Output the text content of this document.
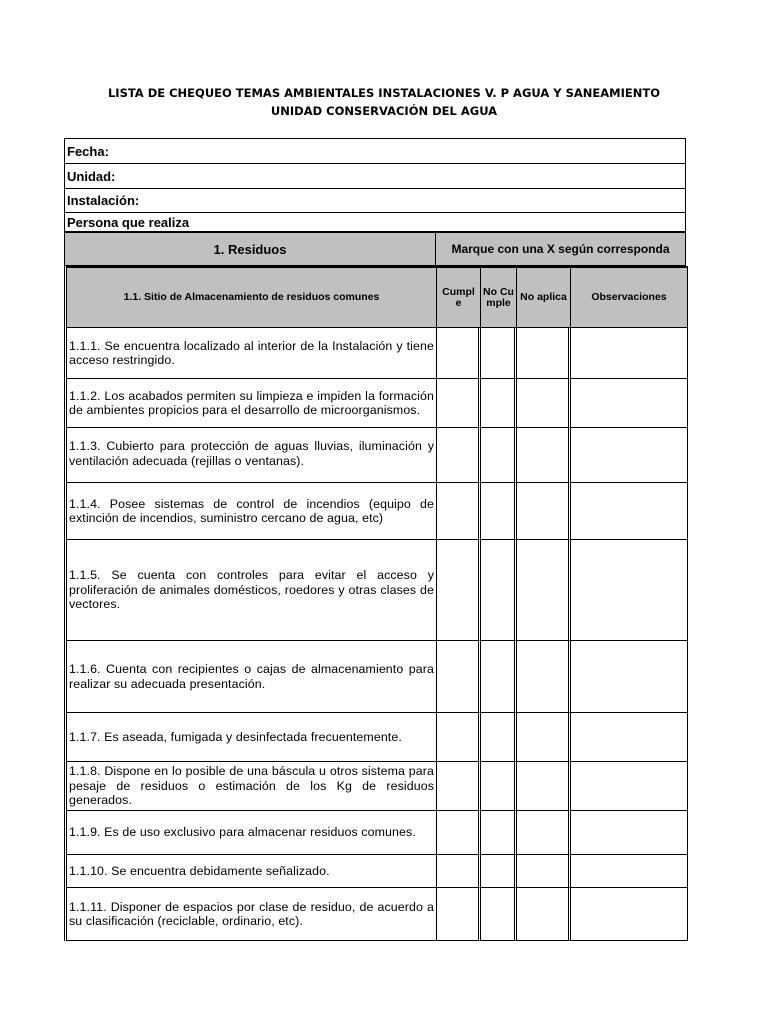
LISTA DE CHEQUEO TEMAS AMBIENTALES INSTALACIONES V. P AGUA Y SANEAMIENTO
UNIDAD CONSERVACIÓN DEL AGUA
Fecha:
Unidad:
Instalación:
Persona que realiza
1. Residuos	Marque con una X según corresponda
1.1. Sitio de Almacenamiento de residuos comunes	Cumple	No Cumple	No aplica	Observaciones
1.1.1. Se encuentra localizado al interior de la Instalación y tiene acceso restringido.				
1.1.2. Los acabados permiten su limpieza e impiden la formación de ambientes propicios para el desarrollo de microorganismos.				
1.1.3. Cubierto para protección de aguas lluvias, iluminación y ventilación adecuada (rejillas o ventanas).				
1.1.4. Posee sistemas de control de incendios (equipo de extinción de incendios, suministro cercano de agua, etc)				
1.1.5. Se cuenta con controles para evitar el acceso y proliferación de animales domésticos, roedores y otras clases de vectores.				
1.1.6. Cuenta con recipientes o cajas de almacenamiento para realizar su adecuada presentación.				
1.1.7. Es aseada, fumigada y desinfectada frecuentemente.				
1.1.8. Dispone en lo posible de una báscula u otros sistema para pesaje de residuos o estimación de los Kg de residuos generados.				
1.1.9. Es de uso exclusivo para almacenar residuos comunes.				
1.1.10. Se encuentra debidamente señalizado.				
1.1.11. Disponer de espacios por clase de residuo, de acuerdo a su clasificación (reciclable, ordinario, etc).				
